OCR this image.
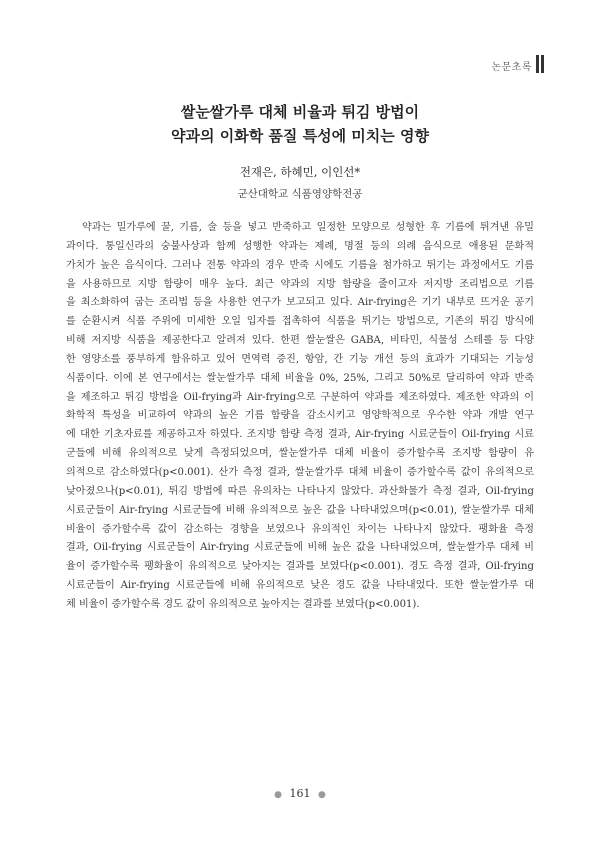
논문초록
쌀눈쌀가루 대체 비율과 튀김 방법이
약과의 이화학 품질 특성에 미치는 영향
전재은, 하혜민, 이인선*
군산대학교 식품영양학전공
약과는 밀가루에 꿀, 기름, 술 등을 넣고 반죽하고 일정한 모양으로 성형한 후 기름에 튀겨낸 유밀
과이다. 통일신라의 숭불사상과 함께 성행한 약과는 제례, 명절 등의 의례 음식으로 애용된 문화적
가치가 높은 음식이다. 그러나 전통 약과의 경우 반죽 시에도 기름을 첨가하고 튀기는 과정에서도 기름
을 사용하므로 지방 함량이 매우 높다. 최근 약과의 지방 함량을 줄이고자 저지방 조리법으로 기름
을 최소화하여 굽는 조리법 등을 사용한 연구가 보고되고 있다. Air-frying은 기기 내부로 뜨거운 공기
를 순환시켜 식품 주위에 미세한 오일 입자를 접촉하여 식품을 튀기는 방법으로, 기존의 튀김 방식에
비해 저지방 식품을 제공한다고 알려져 있다. 한편 쌀눈쌀은 GABA, 비타민, 식물성 스테롤 등 다양
한 영양소를 풍부하게 함유하고 있어 면역력 증진, 항암, 간 기능 개선 등의 효과가 기대되는 기능성
식품이다. 이에 본 연구에서는 쌀눈쌀가루 대체 비율을 0%, 25%, 그리고 50%로 달리하여 약과 반죽
을 제조하고 튀김 방법을 Oil-frying과 Air-frying으로 구분하여 약과를 제조하였다. 제조한 약과의 이
화학적 특성을 비교하여 약과의 높은 기름 함량을 감소시키고 영양학적으로 우수한 약과 개발 연구
에 대한 기초자료를 제공하고자 하였다. 조지방 함량 측정 결과, Air-frying 시료군들이 Oil-frying 시료
군들에 비해 유의적으로 낮게 측정되었으며, 쌀눈쌀가루 대체 비율이 증가할수록 조지방 함량이 유
의적으로 감소하였다(p<0.001). 산가 측정 결과, 쌀눈쌀가루 대체 비율이 증가할수록 값이 유의적으로
낮아졌으나(p<0.01), 튀김 방법에 따른 유의차는 나타나지 않았다. 과산화물가 측정 결과, Oil-frying
시료군들이 Air-frying 시료군들에 비해 유의적으로 높은 값을 나타내었으며(p<0.01), 쌀눈쌀가루 대체
비율이 증가할수록 값이 감소하는 경향을 보였으나 유의적인 차이는 나타나지 않았다. 팽화율 측정
결과, Oil-frying 시료군들이 Air-frying 시료군들에 비해 높은 값을 나타내었으며, 쌀눈쌀가루 대체 비
율이 증가할수록 팽화율이 유의적으로 낮아지는 결과를 보였다(p<0.001). 경도 측정 결과, Oil-frying
시료군들이 Air-frying 시료군들에 비해 유의적으로 낮은 경도 값을 나타내었다. 또한 쌀눈쌀가루 대
체 비율이 증가할수록 경도 값이 유의적으로 높아지는 결과를 보였다(p<0.001).
● 161 ●
